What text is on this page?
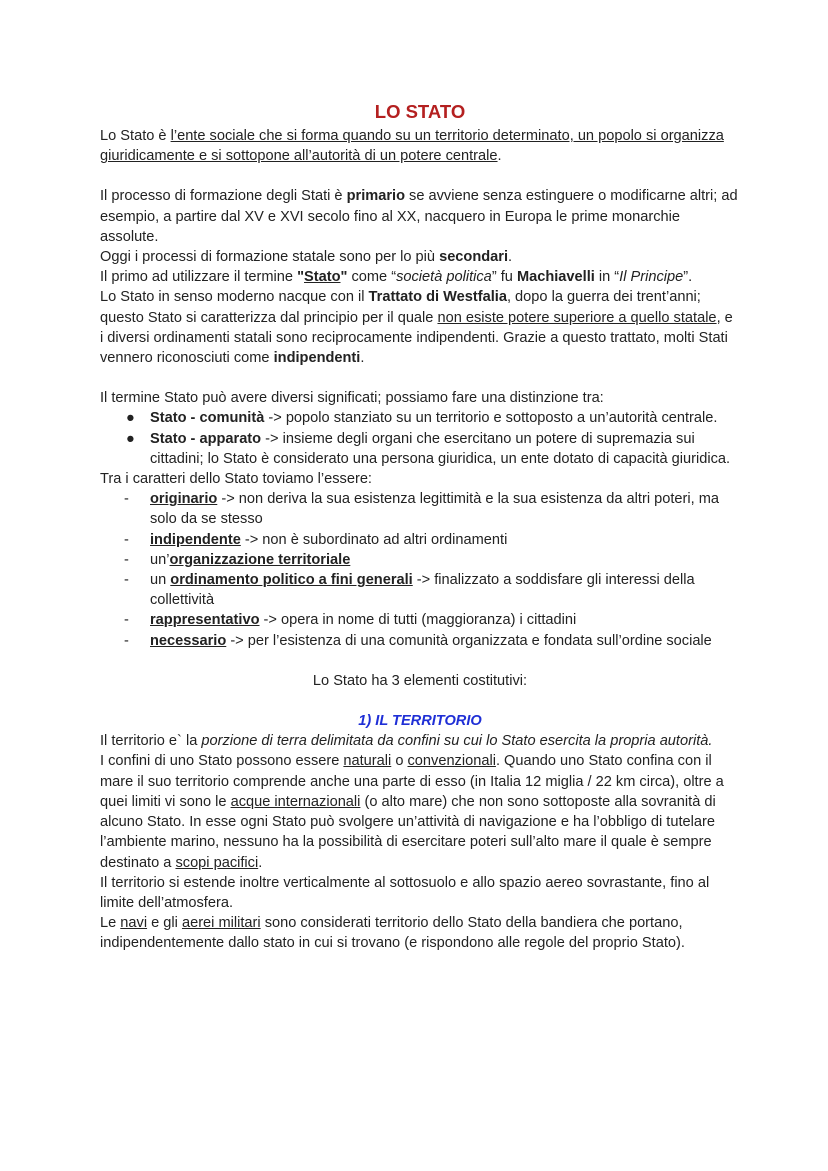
LO STATO

Lo Stato è l’ente sociale che si forma quando su un territorio determinato, un popolo si organizza giuridicamente e si sottopone all’autorità di un potere centrale.

Il processo di formazione degli Stati è primario se avviene senza estinguere o modificarne altri; ad esempio, a partire dal XV e XVI secolo fino al XX, nacquero in Europa le prime monarchie assolute.

Oggi i processi di formazione statale sono per lo più secondari.

Il primo ad utilizzare il termine "Stato" come “società politica” fu Machiavelli in “Il Principe”.

Lo Stato in senso moderno nacque con il Trattato di Westfalia, dopo la guerra dei trent’anni; questo Stato si caratterizza dal principio per il quale non esiste potere superiore a quello statale, e i diversi ordinamenti statali sono reciprocamente indipendenti. Grazie a questo trattato, molti Stati vennero riconosciuti come indipendenti.

Il termine Stato può avere diversi significati; possiamo fare una distinzione tra:

● Stato - comunità -> popolo stanziato su un territorio e sottoposto a un’autorità centrale.
● Stato - apparato -> insieme degli organi che esercitano un potere di supremazia sui cittadini; lo Stato è considerato una persona giuridica, un ente dotato di capacità giuridica.

Tra i caratteri dello Stato toviamo l’essere:

- originario -> non deriva la sua esistenza legittimità e la sua esistenza da altri poteri, ma solo da se stesso
- indipendente -> non è subordinato ad altri ordinamenti
- un’organizzazione territoriale
- un ordinamento politico a fini generali -> finalizzato a soddisfare gli interessi della collettività
- rappresentativo -> opera in nome di tutti (maggioranza) i cittadini
- necessario -> per l’esistenza di una comunità organizzata e fondata sull’ordine sociale

Lo Stato ha 3 elementi costitutivi:

1) IL TERRITORIO

Il territorio e` la porzione di terra delimitata da confini su cui lo Stato esercita la propria autorità.

I confini di uno Stato possono essere naturali o convenzionali. Quando uno Stato confina con il mare il suo territorio comprende anche una parte di esso (in Italia 12 miglia / 22 km circa), oltre a quei limiti vi sono le acque internazionali (o alto mare) che non sono sottoposte alla sovranità di alcuno Stato. In esse ogni Stato può svolgere un’attività di navigazione e ha l’obbligo di tutelare l’ambiente marino, nessuno ha la possibilità di esercitare poteri sull’alto mare il quale è sempre destinato a scopi pacifici.

Il territorio si estende inoltre verticalmente al sottosuolo e allo spazio aereo sovrastante, fino al limite dell’atmosfera.

Le navi e gli aerei militari sono considerati territorio dello Stato della bandiera che portano, indipendentemente dallo stato in cui si trovano (e rispondono alle regole del proprio Stato).
